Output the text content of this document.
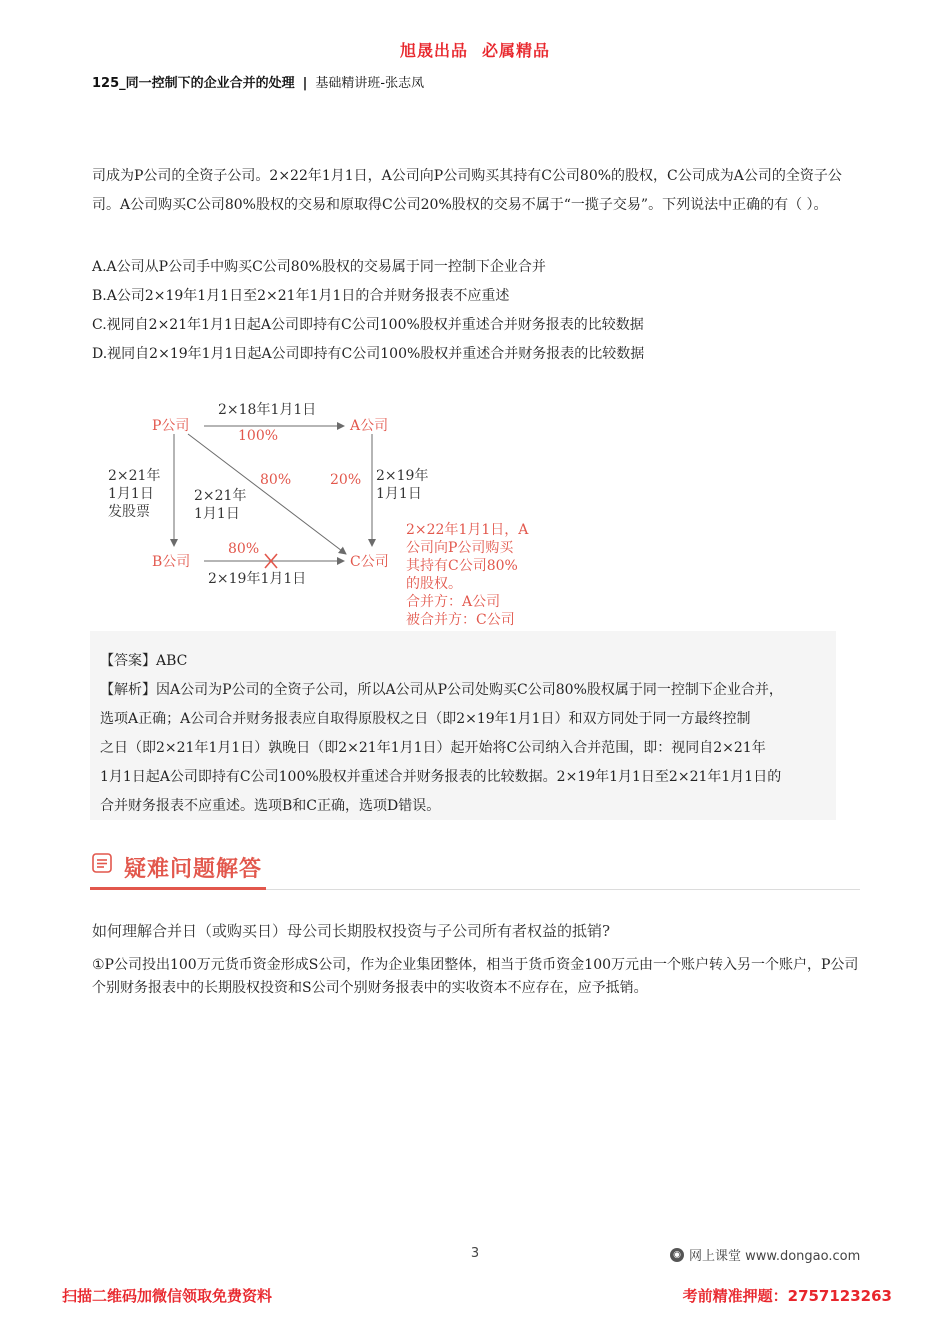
旭晟出品 必属精品
125_同一控制下的企业合并的处理 | 基础精讲班-张志凤
司成为P公司的全资子公司。2×22年1月1日，A公司向P公司购买其持有C公司80%的股权，C公司成为A公司的全资子公司。A公司购买C公司80%股权的交易和原取得C公司20%股权的交易不属于“一揽子交易”。下列说法中正确的有（ ）。
A.A公司从P公司手中购买C公司80%股权的交易属于同一控制下企业合并
B.A公司2×19年1月1日至2×21年1月1日的合并财务报表不应重述
C.视同自2×21年1月1日起A公司即持有C公司100%股权并重述合并财务报表的比较数据
D.视同自2×19年1月1日起A公司即持有C公司100%股权并重述合并财务报表的比较数据
P公司	A公司
B公司	C公司
2×18年1月1日
100%
2×21年
1月1日
发股票
80%
2×21年
1月1日
20% 2×19年
1月1日
80%
2×19年1月1日
2×22年1月1日，A
公司向P公司购买
其持有C公司80%
的股权。
合并方：A公司
被合并方：C公司
【答案】ABC
【解析】因A公司为P公司的全资子公司，所以A公司从P公司处购买C公司80%股权属于同一控制下企业合并，
选项A正确；A公司合并财务报表应自取得原股权之日（即2×19年1月1日）和双方同处于同一方最终控制
之日（即2×21年1月1日）孰晚日（即2×21年1月1日）起开始将C公司纳入合并范围，即：视同自2×21年
1月1日起A公司即持有C公司100%股权并重述合并财务报表的比较数据。2×19年1月1日至2×21年1月1日的
合并财务报表不应重述。选项B和C正确，选项D错误。
疑难问题解答
如何理解合并日（或购买日）母公司长期股权投资与子公司所有者权益的抵销?
①P公司投出100万元货币资金形成S公司，作为企业集团整体，相当于货币资金100万元由一个账户转入另一个账户，P公司个别财务报表中的长期股权投资和S公司个别财务报表中的实收资本不应存在，应予抵销。
3	◉ 网上课堂 www.dongao.com
扫描二维码加微信领取免费资料	考前精准押题：2757123263
